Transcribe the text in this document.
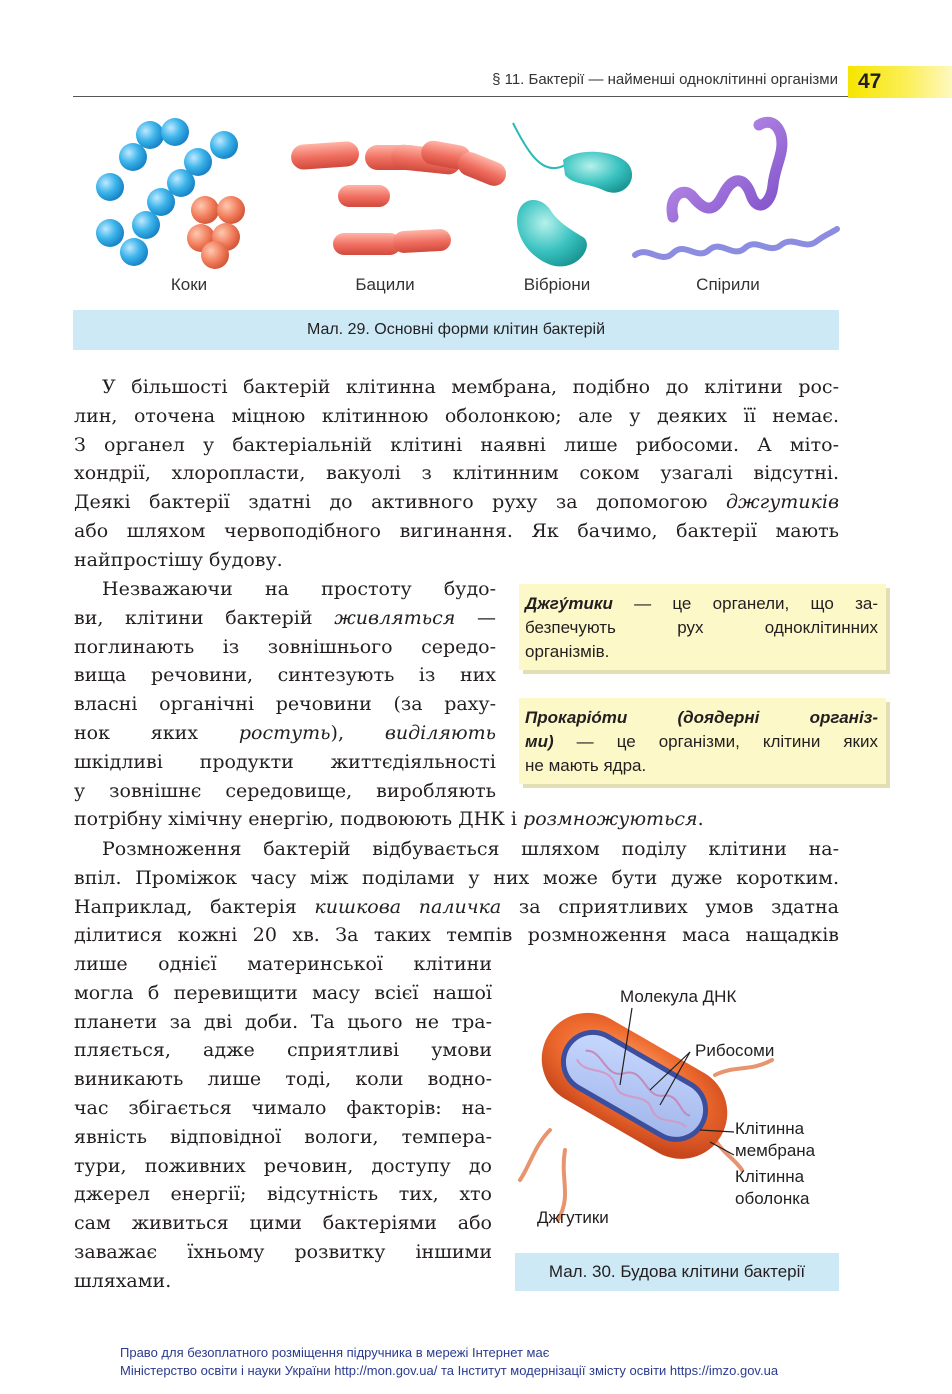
§ 11. Бактерії — найменші одноклітинні організми 47
Коки	Бацили	Вібріони	Спірили
Мал. 29. Основні форми клітин бактерій
У більшості бактерій клітинна мембрана, подібно до клітини рос-
лин, оточена міцною клітинною оболонкою; але у деяких її немає.
З органел у бактеріальній клітині наявні лише рибосоми. А міто-
хондрії, хлоропласти, вакуолі з клітинним соком узагалі відсутні.
Деякі бактерії здатні до активного руху за допомогою джгутиків
або шляхом червоподібного вигинання. Як бачимо, бактерії мають
найпростішу будову.
Незважаючи на простоту будо-
ви, клітини бактерій живляться —
поглинають із зовнішнього середо-
вища речовини, синтезують із них
власні органічні речовини (за раху-
нок яких ростуть), виділяють
шкідливі продукти життєдіяльності
у зовнішнє середовище, виробляють
потрібну хімічну енергію, подвоюють ДНК і розмножуються.
Джгу́тики — це органели, що за-
безпечують рух одноклітинних
організмів.
Прокаріо́ти (доядерні організ-
ми) — це організми, клітини яких
не мають ядра.
Розмноження бактерій відбувається шляхом поділу клітини на-
впіл. Проміжок часу між поділами у них може бути дуже коротким.
Наприклад, бактерія кишкова паличка за сприятливих умов здатна
ділитися кожні 20 хв. За таких темпів розмноження маса нащадків
лише однієї материнської клітини
могла б перевищити масу всієї нашої
планети за дві доби. Та цього не тра-
пляється, адже сприятливі умови
виникають лише тоді, коли водно-
час збігається чимало факторів: на-
явність відповідної вологи, темпера-
тури, поживних речовин, доступу до
джерел енергії; відсутність тих, хто
сам живиться цими бактеріями або
заважає їхньому розвитку іншими
шляхами.
Молекула ДНК
Рибосоми
Клітинна
мембрана
Клітинна
оболонка
Джгутики
Мал. 30. Будова клітини бактерії
Право для безоплатного розміщення підручника в мережі Інтернет має
Міністерство освіти і науки України http://mon.gov.ua/ та Інститут модернізації змісту освіти https://imzo.gov.ua
